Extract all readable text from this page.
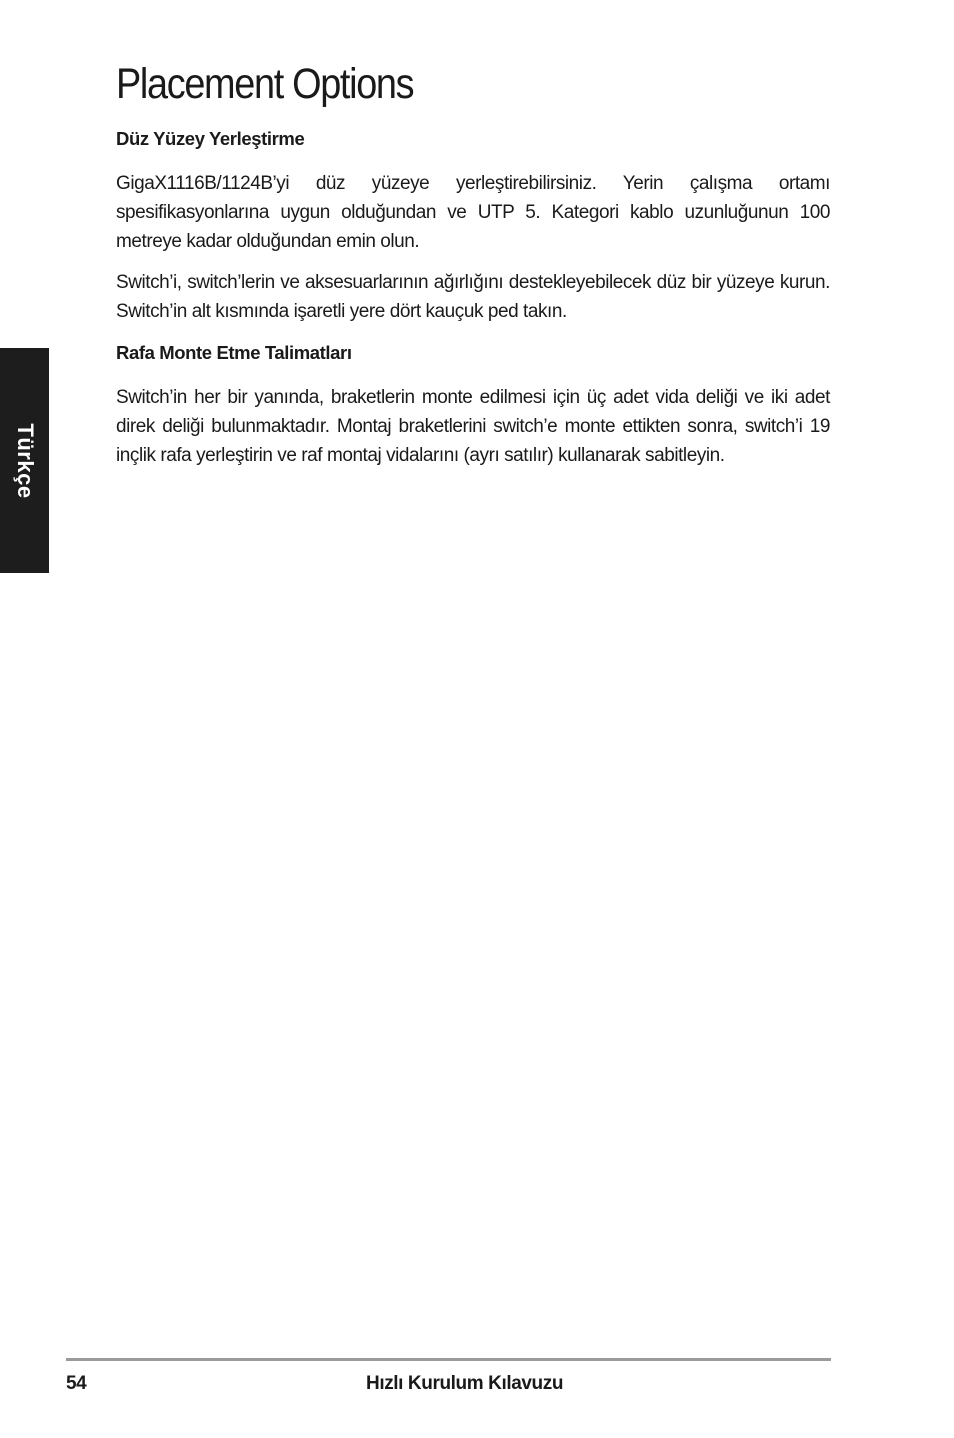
Placement Options
Türkçe
Düz Yüzey Yerleştirme

GigaX1116B/1124B’yi düz yüzeye yerleştirebilirsiniz. Yerin çalışma ortamı spesifikasyonlarına uygun olduğundan ve UTP 5. Kategori kablo uzunluğunun 100 metreye kadar olduğundan emin olun.

Switch’i, switch’lerin ve aksesuarlarının ağırlığını destekleyebilecek düz bir yüzeye kurun. Switch’in alt kısmında işaretli yere dört kauçuk ped takın.

Rafa Monte Etme Talimatları

Switch’in her bir yanında, braketlerin monte edilmesi için üç adet vida deliği ve iki adet direk deliği bulunmaktadır. Montaj braketlerini switch’e monte ettikten sonra, switch’i 19 inçlik rafa yerleştirin ve raf montaj vidalarını (ayrı satılır) kullanarak sabitleyin.

54	Hızlı Kurulum Kılavuzu
